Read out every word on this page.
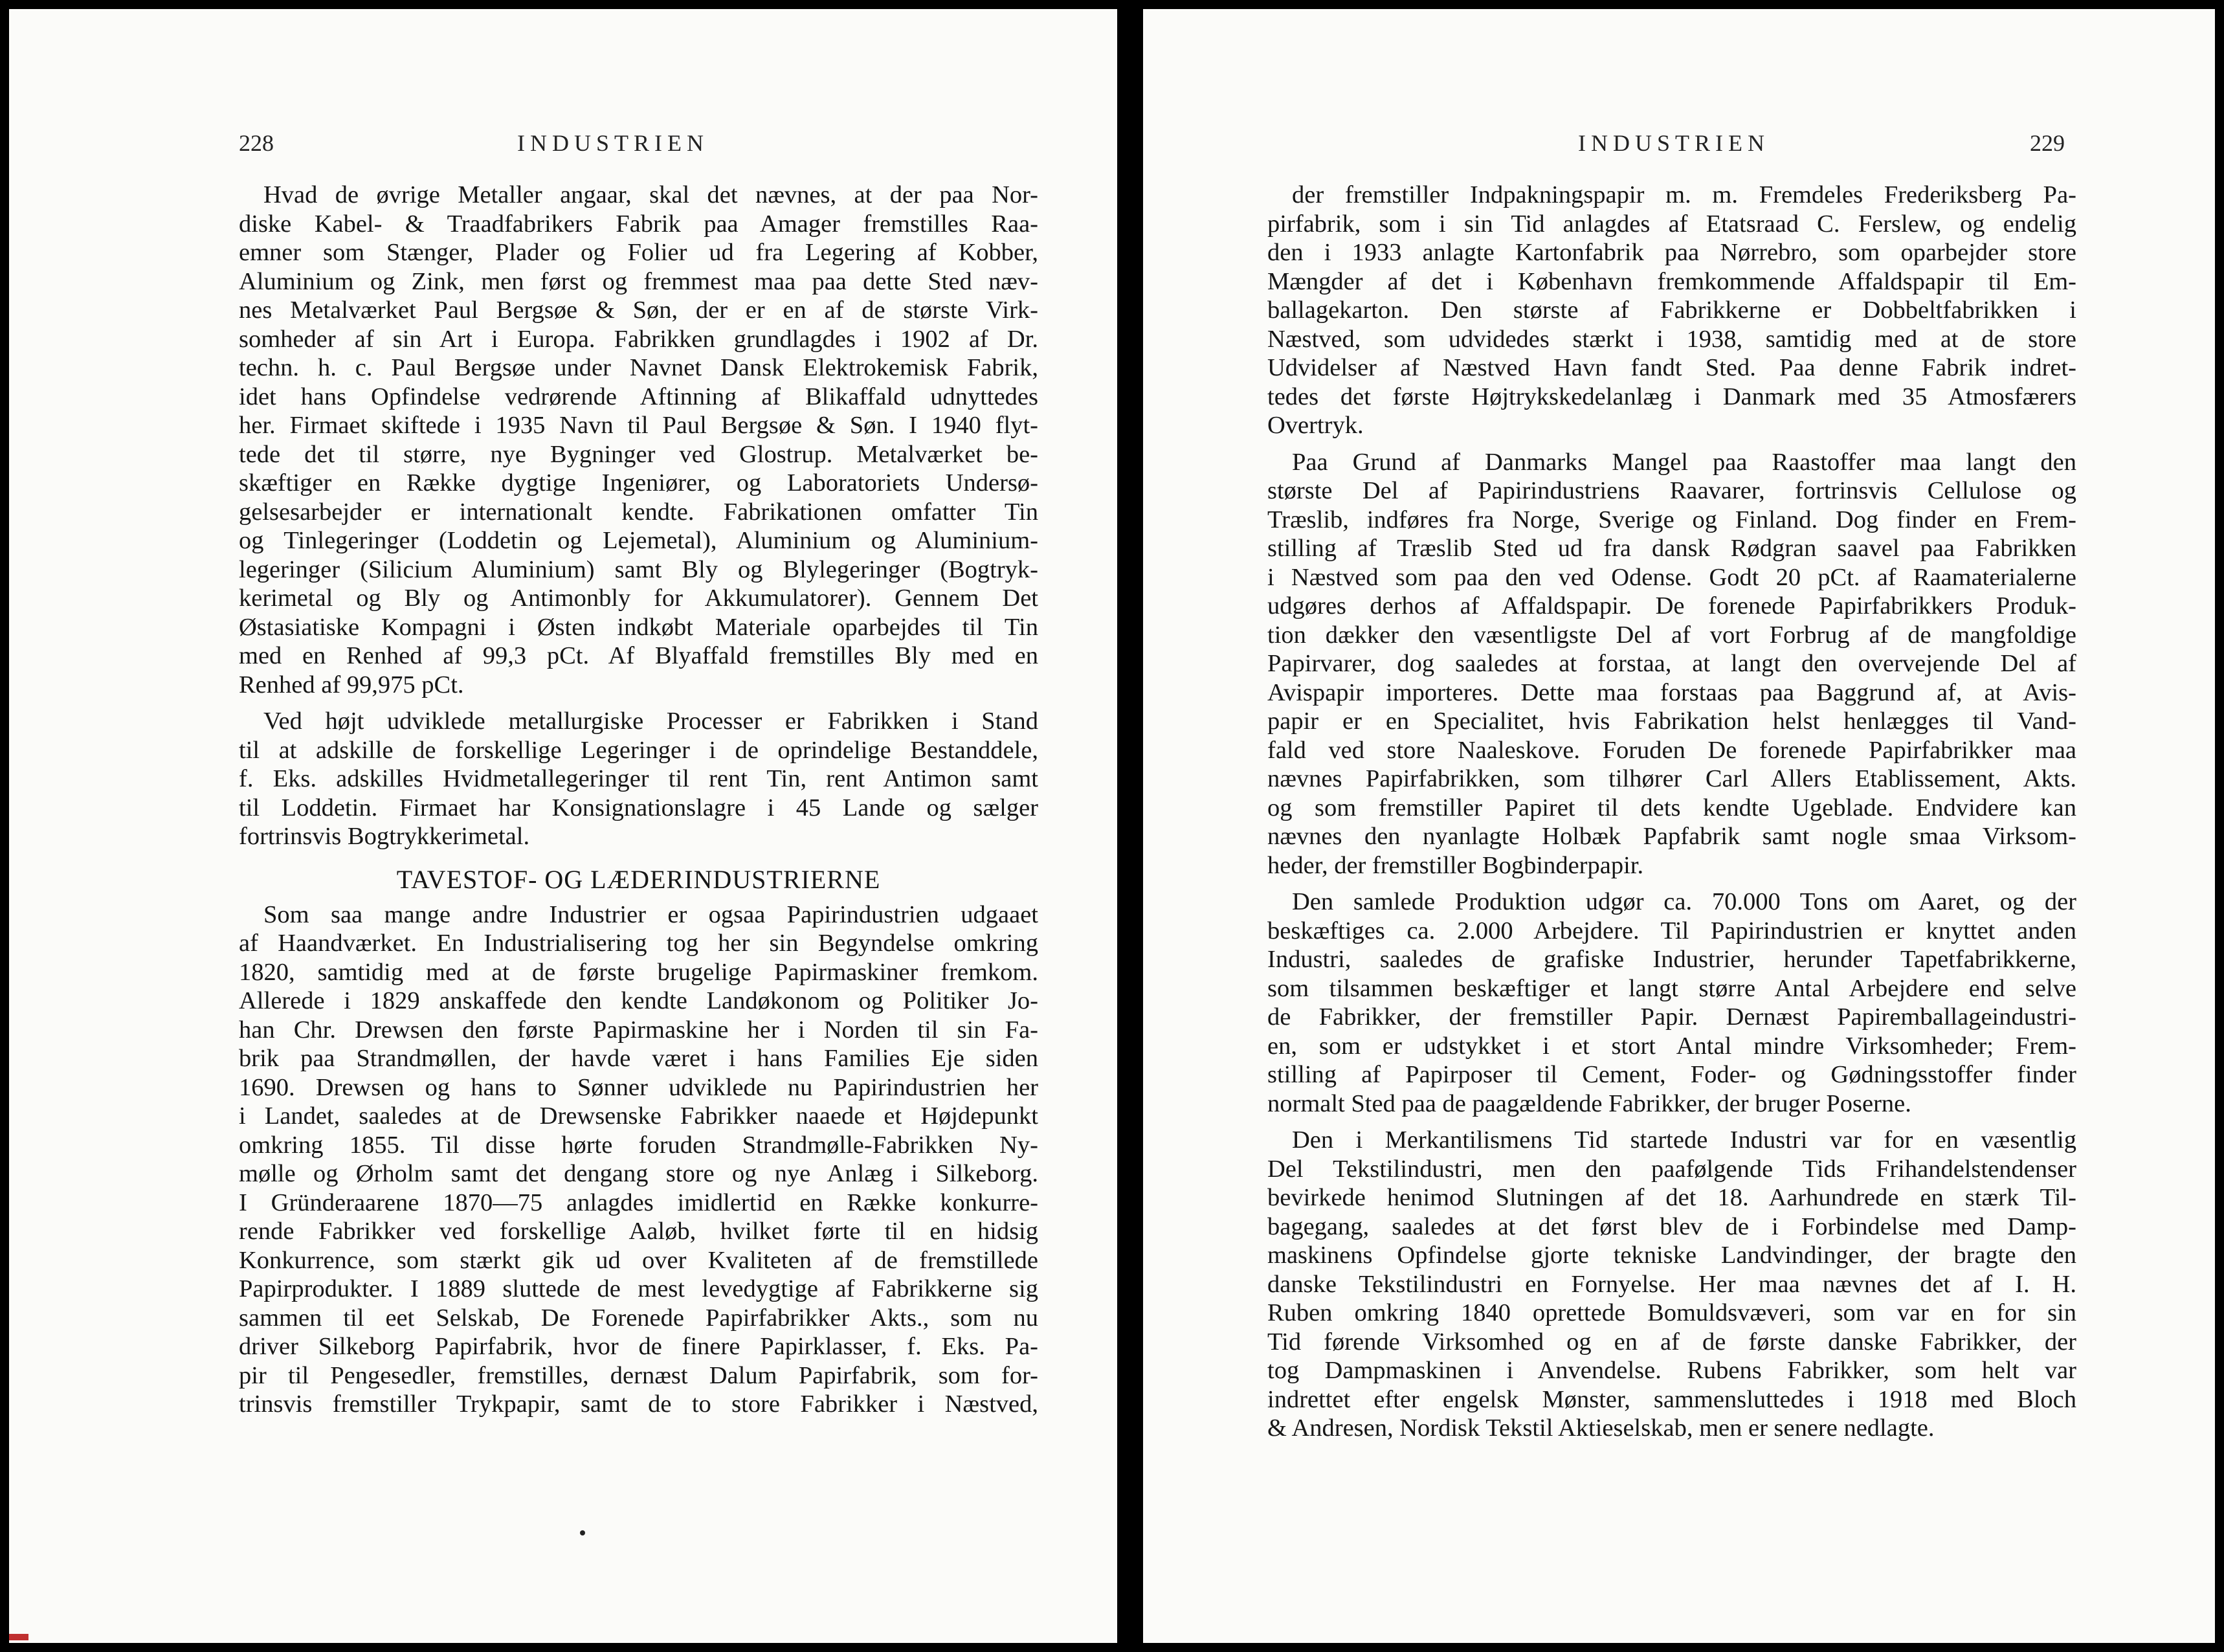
228	INDUSTRIEN
Hvad de øvrige Metaller angaar, skal det nævnes, at der paa Nor-
diske Kabel- & Traadfabrikers Fabrik paa Amager fremstilles Raa-
emner som Stænger, Plader og Folier ud fra Legering af Kobber,
Aluminium og Zink, men først og fremmest maa paa dette Sted næv-
nes Metalværket Paul Bergsøe & Søn, der er en af de største Virk-
somheder af sin Art i Europa. Fabrikken grundlagdes i 1902 af Dr.
techn. h. c. Paul Bergsøe under Navnet Dansk Elektrokemisk Fabrik,
idet hans Opfindelse vedrørende Aftinning af Blikaffald udnyttedes
her. Firmaet skiftede i 1935 Navn til Paul Bergsøe & Søn. I 1940 flyt-
tede det til større, nye Bygninger ved Glostrup. Metalværket be-
skæftiger en Række dygtige Ingeniører, og Laboratoriets Undersø-
gelsesarbejder er internationalt kendte. Fabrikationen omfatter Tin
og Tinlegeringer (Loddetin og Lejemetal), Aluminium og Aluminium-
legeringer (Silicium Aluminium) samt Bly og Blylegeringer (Bogtryk-
kerimetal og Bly og Antimonbly for Akkumulatorer). Gennem Det
Østasiatiske Kompagni i Østen indkøbt Materiale oparbejdes til Tin
med en Renhed af 99,3 pCt. Af Blyaffald fremstilles Bly med en
Renhed af 99,975 pCt.
Ved højt udviklede metallurgiske Processer er Fabrikken i Stand
til at adskille de forskellige Legeringer i de oprindelige Bestanddele,
f. Eks. adskilles Hvidmetallegeringer til rent Tin, rent Antimon samt
til Loddetin. Firmaet har Konsignationslagre i 45 Lande og sælger
fortrinsvis Bogtrykkerimetal.
TAVESTOF- OG LÆDERINDUSTRIERNE
Som saa mange andre Industrier er ogsaa Papirindustrien udgaaet
af Haandværket. En Industrialisering tog her sin Begyndelse omkring
1820, samtidig med at de første brugelige Papirmaskiner fremkom.
Allerede i 1829 anskaffede den kendte Landøkonom og Politiker Jo-
han Chr. Drewsen den første Papirmaskine her i Norden til sin Fa-
brik paa Strandmøllen, der havde været i hans Families Eje siden
1690. Drewsen og hans to Sønner udviklede nu Papirindustrien her
i Landet, saaledes at de Drewsenske Fabrikker naaede et Højdepunkt
omkring 1855. Til disse hørte foruden Strandmølle-Fabrikken Ny-
mølle og Ørholm samt det dengang store og nye Anlæg i Silkeborg.
I Gründeraarene 1870—75 anlagdes imidlertid en Række konkurre-
rende Fabrikker ved forskellige Aaløb, hvilket førte til en hidsig
Konkurrence, som stærkt gik ud over Kvaliteten af de fremstillede
Papirprodukter. I 1889 sluttede de mest levedygtige af Fabrikkerne sig
sammen til eet Selskab, De Forenede Papirfabrikker Akts., som nu
driver Silkeborg Papirfabrik, hvor de finere Papirklasser, f. Eks. Pa-
pir til Pengesedler, fremstilles, dernæst Dalum Papirfabrik, som for-
trinsvis fremstiller Trykpapir, samt de to store Fabrikker i Næstved,
INDUSTRIEN	229
der fremstiller Indpakningspapir m. m. Fremdeles Frederiksberg Pa-
pirfabrik, som i sin Tid anlagdes af Etatsraad C. Ferslew, og endelig
den i 1933 anlagte Kartonfabrik paa Nørrebro, som oparbejder store
Mængder af det i København fremkommende Affaldspapir til Em-
ballagekarton. Den største af Fabrikkerne er Dobbeltfabrikken i
Næstved, som udvidedes stærkt i 1938, samtidig med at de store
Udvidelser af Næstved Havn fandt Sted. Paa denne Fabrik indret-
tedes det første Højtrykskedelanlæg i Danmark med 35 Atmosfærers
Overtryk.
Paa Grund af Danmarks Mangel paa Raastoffer maa langt den
største Del af Papirindustriens Raavarer, fortrinsvis Cellulose og
Træslib, indføres fra Norge, Sverige og Finland. Dog finder en Frem-
stilling af Træslib Sted ud fra dansk Rødgran saavel paa Fabrikken
i Næstved som paa den ved Odense. Godt 20 pCt. af Raamaterialerne
udgøres derhos af Affaldspapir. De forenede Papirfabrikkers Produk-
tion dækker den væsentligste Del af vort Forbrug af de mangfoldige
Papirvarer, dog saaledes at forstaa, at langt den overvejende Del af
Avispapir importeres. Dette maa forstaas paa Baggrund af, at Avis-
papir er en Specialitet, hvis Fabrikation helst henlægges til Vand-
fald ved store Naaleskove. Foruden De forenede Papirfabrikker maa
nævnes Papirfabrikken, som tilhører Carl Allers Etablissement, Akts.
og som fremstiller Papiret til dets kendte Ugeblade. Endvidere kan
nævnes den nyanlagte Holbæk Papfabrik samt nogle smaa Virksom-
heder, der fremstiller Bogbinderpapir.
Den samlede Produktion udgør ca. 70.000 Tons om Aaret, og der
beskæftiges ca. 2.000 Arbejdere. Til Papirindustrien er knyttet anden
Industri, saaledes de grafiske Industrier, herunder Tapetfabrikkerne,
som tilsammen beskæftiger et langt større Antal Arbejdere end selve
de Fabrikker, der fremstiller Papir. Dernæst Papiremballageindustri-
en, som er udstykket i et stort Antal mindre Virksomheder; Frem-
stilling af Papirposer til Cement, Foder- og Gødningsstoffer finder
normalt Sted paa de paagældende Fabrikker, der bruger Poserne.
Den i Merkantilismens Tid startede Industri var for en væsentlig
Del Tekstilindustri, men den paafølgende Tids Frihandelstendenser
bevirkede henimod Slutningen af det 18. Aarhundrede en stærk Til-
bagegang, saaledes at det først blev de i Forbindelse med Damp-
maskinens Opfindelse gjorte tekniske Landvindinger, der bragte den
danske Tekstilindustri en Fornyelse. Her maa nævnes det af I. H.
Ruben omkring 1840 oprettede Bomuldsvæveri, som var en for sin
Tid førende Virksomhed og en af de første danske Fabrikker, der
tog Dampmaskinen i Anvendelse. Rubens Fabrikker, som helt var
indrettet efter engelsk Mønster, sammensluttedes i 1918 med Bloch
& Andresen, Nordisk Tekstil Aktieselskab, men er senere nedlagte.
